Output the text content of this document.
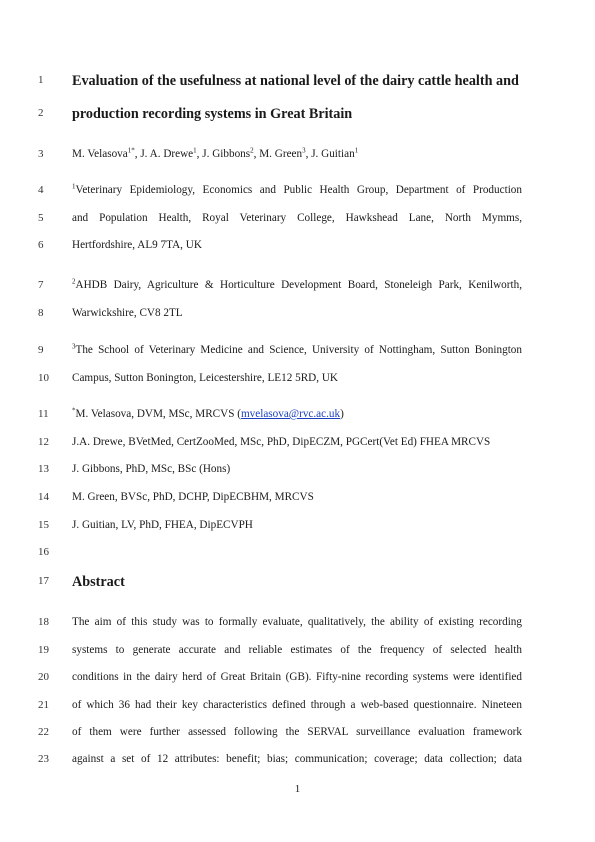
1	Evaluation of the usefulness at national level of the dairy cattle health and
2	production recording systems in Great Britain
3	M. Velasova$^{1*}$, J. A. Drewe$^1$, J. Gibbons$^2$, M. Green$^3$, J. Guitian$^1$
4	$^1$Veterinary Epidemiology, Economics and Public Health Group, Department of Production
5	and Population Health, Royal Veterinary College, Hawkshead Lane, North Mymms,
6	Hertfordshire, AL9 7TA, UK
7	$^2$AHDB Dairy, Agriculture & Horticulture Development Board, Stoneleigh Park, Kenilworth,
8	Warwickshire, CV8 2TL
9	$^3$The School of Veterinary Medicine and Science, University of Nottingham, Sutton Bonington
10	Campus, Sutton Bonington, Leicestershire, LE12 5RD, UK
11	*M. Velasova, DVM, MSc, MRCVS (mvelasova@rvc.ac.uk)
12	J.A. Drewe, BVetMed, CertZooMed, MSc, PhD, DipECZM, PGCert(Vet Ed) FHEA MRCVS
13	J. Gibbons, PhD, MSc, BSc (Hons)
14	M. Green, BVSc, PhD, DCHP, DipECBHM, MRCVS
15	J. Guitian, LV, PhD, FHEA, DipECVPH
16
17	Abstract
18	The aim of this study was to formally evaluate, qualitatively, the ability of existing recording
19	systems to generate accurate and reliable estimates of the frequency of selected health
20	conditions in the dairy herd of Great Britain (GB). Fifty-nine recording systems were identified
21	of which 36 had their key characteristics defined through a web-based questionnaire. Nineteen
22	of them were further assessed following the SERVAL surveillance evaluation framework
23	against a set of 12 attributes: benefit; bias; communication; coverage; data collection; data
1
